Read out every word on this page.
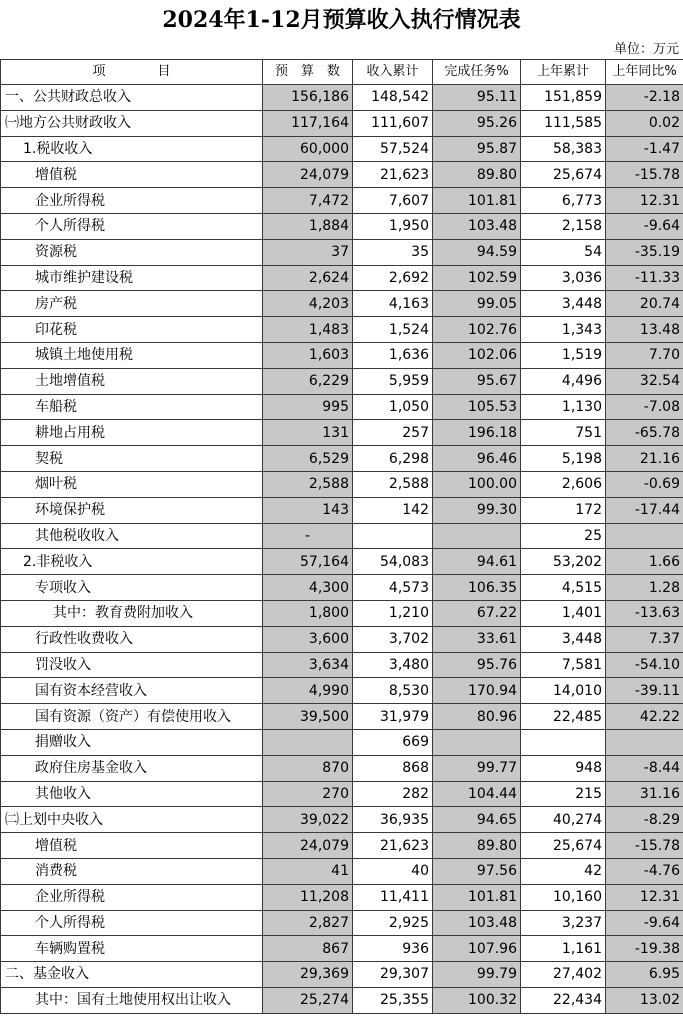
2024年1-12月预算收入执行情况表
单位：万元
项　　　　目	预　算　数	收入累计	完成任务%	上年累计	上年同比%
一、公共财政总收入	156,186	148,542	95.11	151,859	-2.18
㈠地方公共财政收入	117,164	111,607	95.26	111,585	0.02
1.税收收入	60,000	57,524	95.87	58,383	-1.47
增值税	24,079	21,623	89.80	25,674	-15.78
企业所得税	7,472	7,607	101.81	6,773	12.31
个人所得税	1,884	1,950	103.48	2,158	-9.64
资源税	37	35	94.59	54	-35.19
城市维护建设税	2,624	2,692	102.59	3,036	-11.33
房产税	4,203	4,163	99.05	3,448	20.74
印花税	1,483	1,524	102.76	1,343	13.48
城镇土地使用税	1,603	1,636	102.06	1,519	7.70
土地增值税	6,229	5,959	95.67	4,496	32.54
车船税	995	1,050	105.53	1,130	-7.08
耕地占用税	131	257	196.18	751	-65.78
契税	6,529	6,298	96.46	5,198	21.16
烟叶税	2,588	2,588	100.00	2,606	-0.69
环境保护税	143	142	99.30	172	-17.44
其他税收收入	-			25	
2.非税收入	57,164	54,083	94.61	53,202	1.66
专项收入	4,300	4,573	106.35	4,515	1.28
其中：教育费附加收入	1,800	1,210	67.22	1,401	-13.63
行政性收费收入	3,600	3,702	33.61	3,448	7.37
罚没收入	3,634	3,480	95.76	7,581	-54.10
国有资本经营收入	4,990	8,530	170.94	14,010	-39.11
国有资源（资产）有偿使用收入	39,500	31,979	80.96	22,485	42.22
捐赠收入		669			
政府住房基金收入	870	868	99.77	948	-8.44
其他收入	270	282	104.44	215	31.16
㈡上划中央收入	39,022	36,935	94.65	40,274	-8.29
增值税	24,079	21,623	89.80	25,674	-15.78
消费税	41	40	97.56	42	-4.76
企业所得税	11,208	11,411	101.81	10,160	12.31
个人所得税	2,827	2,925	103.48	3,237	-9.64
车辆购置税	867	936	107.96	1,161	-19.38
二、基金收入	29,369	29,307	99.79	27,402	6.95
其中：国有土地使用权出让收入	25,274	25,355	100.32	22,434	13.02
